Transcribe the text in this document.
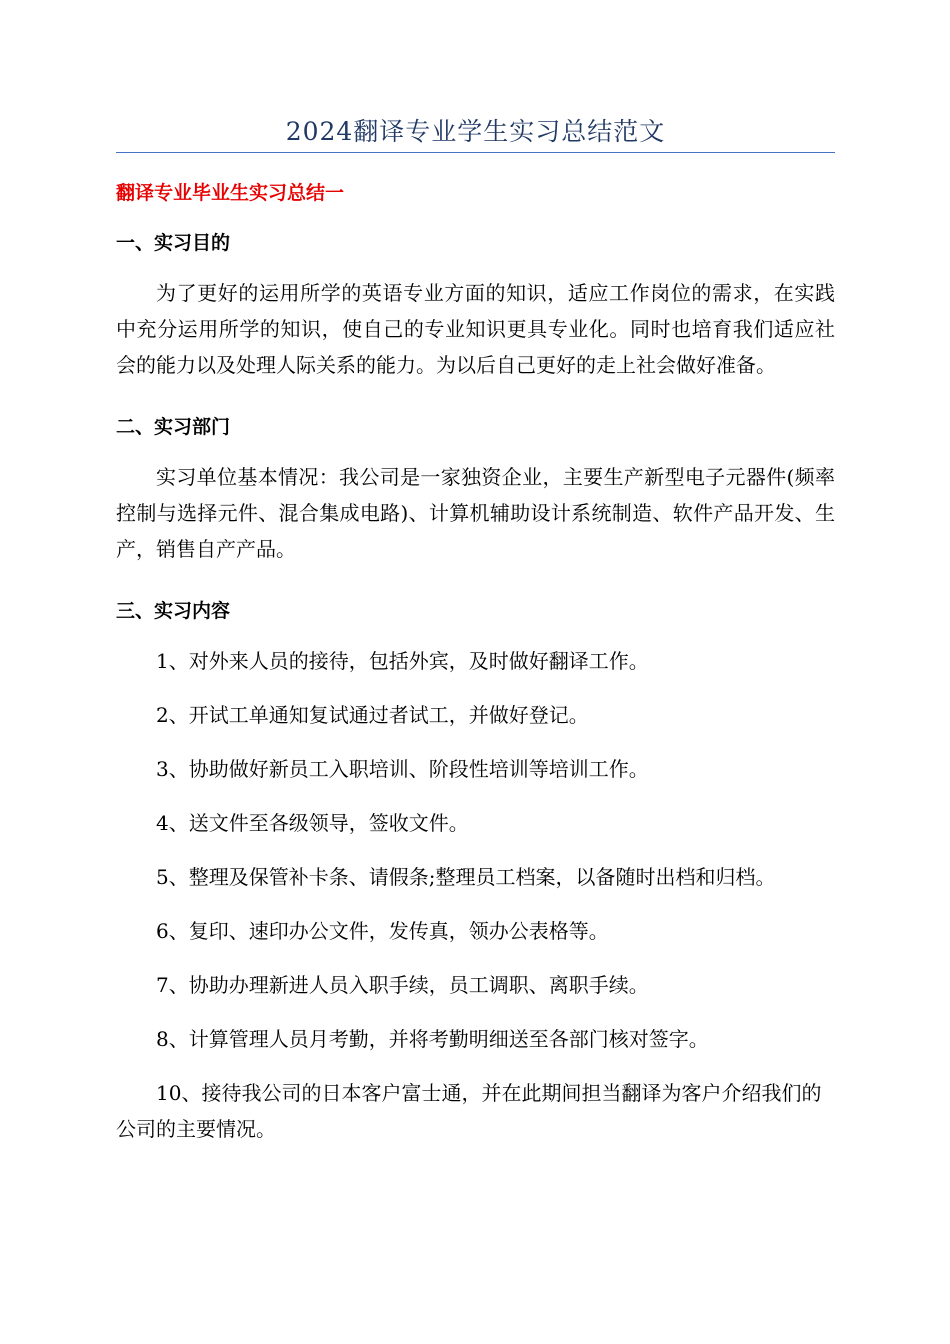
2024翻译专业学生实习总结范文
翻译专业毕业生实习总结一
一、实习目的
为了更好的运用所学的英语专业方面的知识，适应工作岗位的需求，在实践中充分运用所学的知识，使自己的专业知识更具专业化。同时也培育我们适应社会的能力以及处理人际关系的能力。为以后自己更好的走上社会做好准备。
二、实习部门
实习单位基本情况：我公司是一家独资企业，主要生产新型电子元器件(频率控制与选择元件、混合集成电路)、计算机辅助设计系统制造、软件产品开发、生产，销售自产产品。
三、实习内容
1、对外来人员的接待，包括外宾，及时做好翻译工作。
2、开试工单通知复试通过者试工，并做好登记。
3、协助做好新员工入职培训、阶段性培训等培训工作。
4、送文件至各级领导，签收文件。
5、整理及保管补卡条、请假条;整理员工档案，以备随时出档和归档。
6、复印、速印办公文件，发传真，领办公表格等。
7、协助办理新进人员入职手续，员工调职、离职手续。
8、计算管理人员月考勤，并将考勤明细送至各部门核对签字。
10、接待我公司的日本客户富士通，并在此期间担当翻译为客户介绍我们的公司的主要情况。
